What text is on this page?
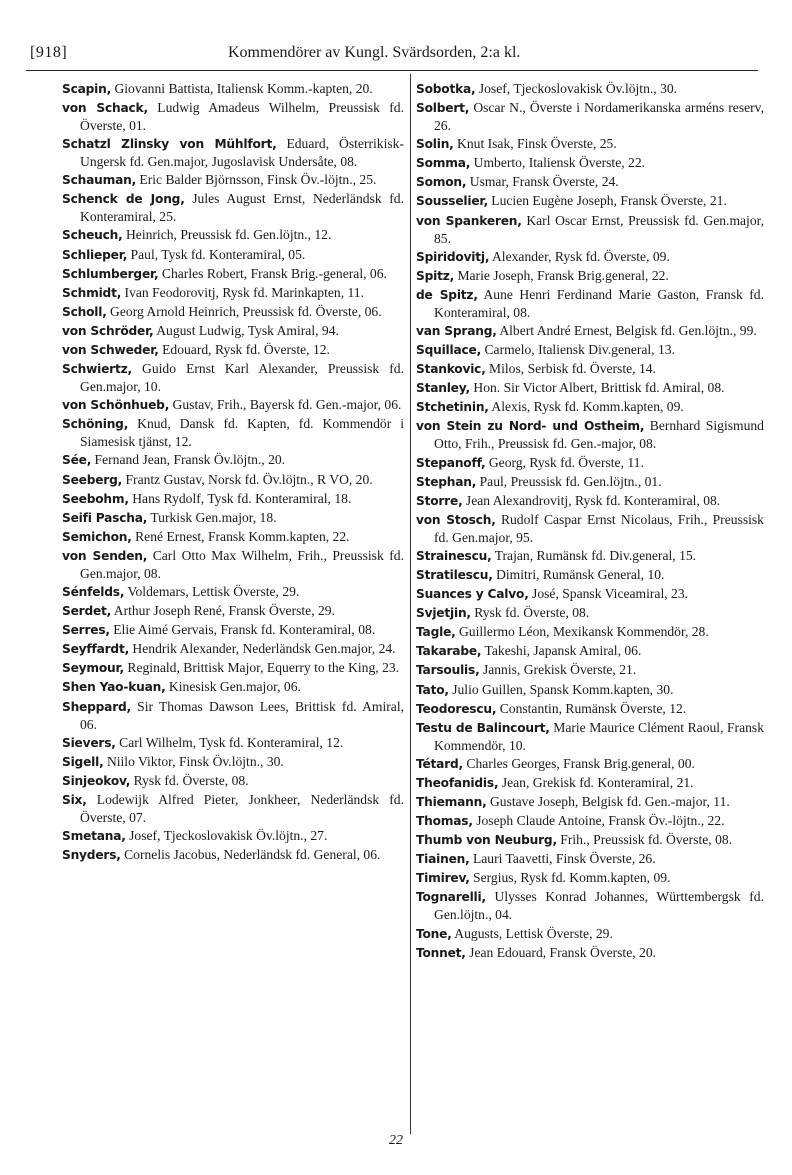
[918]	Kommendörer av Kungl. Svärdsorden, 2:a kl.

Scapin, Giovanni Battista, Italiensk Komm.-kapten, 20.

von Schack, Ludwig Amadeus Wilhelm, Preussisk fd. Överste, 01.

Schatzl Zlinsky von Mühlfort, Eduard, Österrikisk-Ungersk fd. Gen.major, Jugoslavisk Undersåte, 08.

Schauman, Eric Balder Björnsson, Finsk Öv.-löjtn., 25.

Schenck de Jong, Jules August Ernst, Nederländsk fd. Konteramiral, 25.

Scheuch, Heinrich, Preussisk fd. Gen.löjtn., 12.

Schlieper, Paul, Tysk fd. Konteramiral, 05.

Schlumberger, Charles Robert, Fransk Brig.-general, 06.

Schmidt, Ivan Feodorovitj, Rysk fd. Marinkapten, 11.

Scholl, Georg Arnold Heinrich, Preussisk fd. Överste, 06.

von Schröder, August Ludwig, Tysk Amiral, 94.

von Schweder, Edouard, Rysk fd. Överste, 12.

Schwiertz, Guido Ernst Karl Alexander, Preussisk fd. Gen.major, 10.

von Schönhueb, Gustav, Frih., Bayersk fd. Gen.-major, 06.

Schöning, Knud, Dansk fd. Kapten, fd. Kommendör i Siamesisk tjänst, 12.

Sée, Fernand Jean, Fransk Öv.löjtn., 20.

Seeberg, Frantz Gustav, Norsk fd. Öv.löjtn., R VO, 20.

Seebohm, Hans Rydolf, Tysk fd. Konteramiral, 18.

Seifi Pascha, Turkisk Gen.major, 18.

Semichon, René Ernest, Fransk Komm.kapten, 22.

von Senden, Carl Otto Max Wilhelm, Frih., Preussisk fd. Gen.major, 08.

Sénfelds, Voldemars, Lettisk Överste, 29.

Serdet, Arthur Joseph René, Fransk Överste, 29.

Serres, Elie Aimé Gervais, Fransk fd. Konteramiral, 08.

Seyffardt, Hendrik Alexander, Nederländsk Gen.major, 24.

Seymour, Reginald, Brittisk Major, Equerry to the King, 23.

Shen Yao-kuan, Kinesisk Gen.major, 06.

Sheppard, Sir Thomas Dawson Lees, Brittisk fd. Amiral, 06.

Sievers, Carl Wilhelm, Tysk fd. Konteramiral, 12.

Sigell, Niilo Viktor, Finsk Öv.löjtn., 30.

Sinjeokov, Rysk fd. Överste, 08.

Six, Lodewijk Alfred Pieter, Jonkheer, Nederländsk fd. Överste, 07.

Smetana, Josef, Tjeckoslovakisk Öv.löjtn., 27.

Snyders, Cornelis Jacobus, Nederländsk fd. General, 06.

Sobotka, Josef, Tjeckoslovakisk Öv.löjtn., 30.

Solbert, Oscar N., Överste i Nordamerikanska arméns reserv, 26.

Solin, Knut Isak, Finsk Överste, 25.

Somma, Umberto, Italiensk Överste, 22.

Somon, Usmar, Fransk Överste, 24.

Sousselier, Lucien Eugène Joseph, Fransk Överste, 21.

von Spankeren, Karl Oscar Ernst, Preussisk fd. Gen.major, 85.

Spiridovitj, Alexander, Rysk fd. Överste, 09.

Spitz, Marie Joseph, Fransk Brig.general, 22.

de Spitz, Aune Henri Ferdinand Marie Gaston, Fransk fd. Konteramiral, 08.

van Sprang, Albert André Ernest, Belgisk fd. Gen.löjtn., 99.

Squillace, Carmelo, Italiensk Div.general, 13.

Stankovic, Milos, Serbisk fd. Överste, 14.

Stanley, Hon. Sir Victor Albert, Brittisk fd. Amiral, 08.

Stchetinin, Alexis, Rysk fd. Komm.kapten, 09.

von Stein zu Nord- und Ostheim, Bernhard Sigismund Otto, Frih., Preussisk fd. Gen.-major, 08.

Stepanoff, Georg, Rysk fd. Överste, 11.

Stephan, Paul, Preussisk fd. Gen.löjtn., 01.

Storre, Jean Alexandrovitj, Rysk fd. Konteramiral, 08.

von Stosch, Rudolf Caspar Ernst Nicolaus, Frih., Preussisk fd. Gen.major, 95.

Strainescu, Trajan, Rumänsk fd. Div.general, 15.

Stratilescu, Dimitri, Rumänsk General, 10.

Suances y Calvo, José, Spansk Viceamiral, 23.

Svjetjin, Rysk fd. Överste, 08.

Tagle, Guillermo Léon, Mexikansk Kommendör, 28.

Takarabe, Takeshi, Japansk Amiral, 06.

Tarsoulis, Jannis, Grekisk Överste, 21.

Tato, Julio Guillen, Spansk Komm.kapten, 30.

Teodorescu, Constantin, Rumänsk Överste, 12.

Testu de Balincourt, Marie Maurice Clément Raoul, Fransk Kommendör, 10.

Tétard, Charles Georges, Fransk Brig.general, 00.

Theofanidis, Jean, Grekisk fd. Konteramiral, 21.

Thiemann, Gustave Joseph, Belgisk fd. Gen.-major, 11.

Thomas, Joseph Claude Antoine, Fransk Öv.-löjtn., 22.

Thumb von Neuburg, Frih., Preussisk fd. Överste, 08.

Tiainen, Lauri Taavetti, Finsk Överste, 26.

Timirev, Sergius, Rysk fd. Komm.kapten, 09.

Tognarelli, Ulysses Konrad Johannes, Württembergsk fd. Gen.löjtn., 04.

Tone, Augusts, Lettisk Överste, 29.

Tonnet, Jean Edouard, Fransk Överste, 20.

22
